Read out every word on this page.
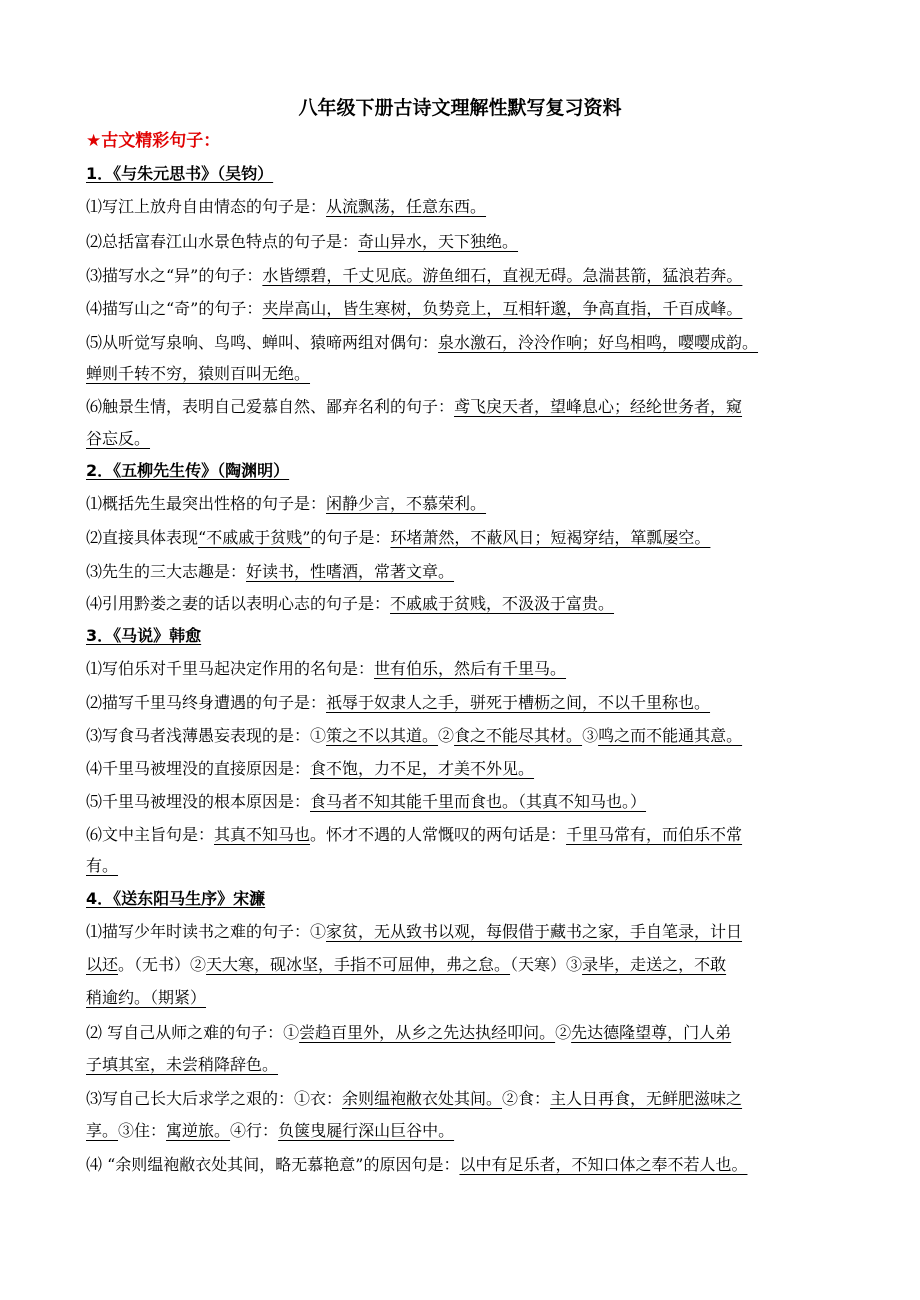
八年级下册古诗文理解性默写复习资料
★古文精彩句子：
1．《与朱元思书》（吴钧）
⑴写江上放舟自由情态的句子是：从流飘荡，任意东西。
⑵总括富春江山水景色特点的句子是：奇山异水，天下独绝。
⑶描写水之“异”的句子：水皆缥碧，千丈见底。游鱼细石，直视无碍。急湍甚箭，猛浪若奔。
⑷描写山之“奇”的句子：夹岸高山，皆生寒树，负势竞上，互相轩邈，争高直指，千百成峰。
⑸从听觉写泉响、鸟鸣、蝉叫、猿啼两组对偶句：泉水激石，泠泠作响；好鸟相鸣，嘤嘤成韵。
蝉则千转不穷，猿则百叫无绝。
⑹触景生情，表明自己爱慕自然、鄙弃名利的句子：鸢飞戾天者，望峰息心；经纶世务者，窥
谷忘反。
2．《五柳先生传》（陶渊明）
⑴概括先生最突出性格的句子是：闲静少言，不慕荣利。
⑵直接具体表现“不戚戚于贫贱”的句子是：环堵萧然，不蔽风日；短褐穿结，箪瓢屡空。
⑶先生的三大志趣是：好读书，性嗜酒，常著文章。
⑷引用黔娄之妻的话以表明心志的句子是：不戚戚于贫贱，不汲汲于富贵。
3．《马说》韩愈
⑴写伯乐对千里马起决定作用的名句是：世有伯乐，然后有千里马。
⑵描写千里马终身遭遇的句子是：祇辱于奴隶人之手，骈死于槽枥之间，不以千里称也。
⑶写食马者浅薄愚妄表现的是：①策之不以其道。②食之不能尽其材。③鸣之而不能通其意。
⑷千里马被埋没的直接原因是：食不饱，力不足，才美不外见。
⑸千里马被埋没的根本原因是：食马者不知其能千里而食也。（其真不知马也。）
⑹文中主旨句是：其真不知马也。怀才不遇的人常慨叹的两句话是：千里马常有，而伯乐不常
有。
4．《送东阳马生序》宋濂
⑴描写少年时读书之难的句子：①家贫，无从致书以观，每假借于藏书之家，手自笔录，计日
以还。（无书）②天大寒，砚冰坚，手指不可屈伸，弗之怠。（天寒）③录毕，走送之，不敢
稍逾约。（期紧）
⑵ 写自己从师之难的句子：①尝趋百里外，从乡之先达执经叩问。②先达德隆望尊，门人弟
子填其室，未尝稍降辞色。
⑶写自己长大后求学之艰的：①衣：余则缊袍敝衣处其间。②食：主人日再食，无鲜肥滋味之
享。③住：寓逆旅。④行：负箧曳屣行深山巨谷中。
⑷ “余则缊袍敝衣处其间，略无慕艳意”的原因句是：以中有足乐者，不知口体之奉不若人也。
